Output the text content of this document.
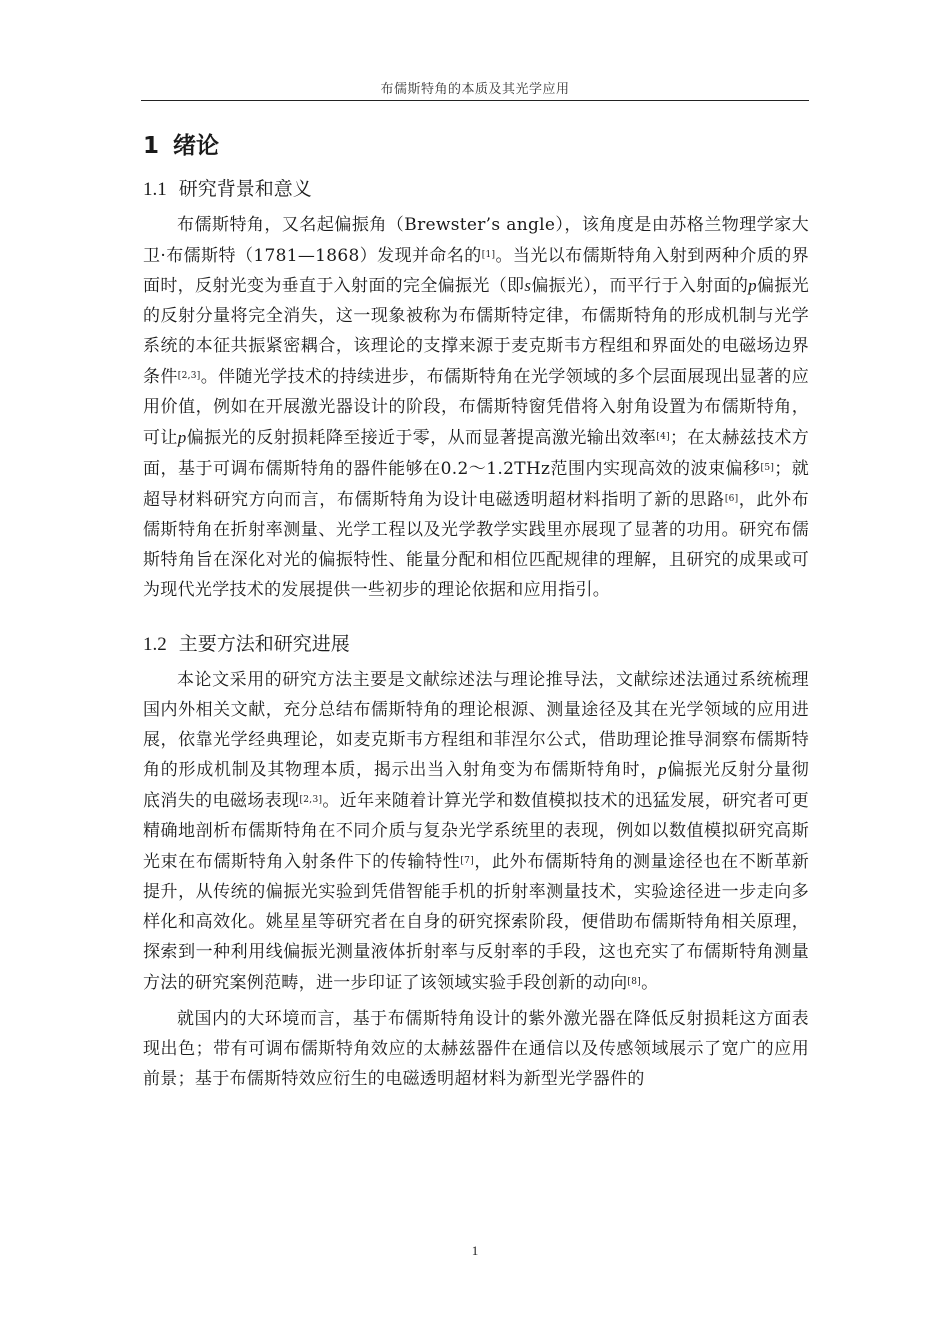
布儒斯特角的本质及其光学应用
1 绪论
1.1 研究背景和意义

布儒斯特角，又名起偏振角（Brewster’s angle），该角度是由苏格兰物理学家大卫·布儒斯特（1781—1868）发现并命名的[1]。当光以布儒斯特角入射到两种介质的界面时，反射光变为垂直于入射面的完全偏振光（即s偏振光），而平行于入射面的p偏振光的反射分量将完全消失，这一现象被称为布儒斯特定律，布儒斯特角的形成机制与光学系统的本征共振紧密耦合，该理论的支撑来源于麦克斯韦方程组和界面处的电磁场边界条件[2,3]。伴随光学技术的持续进步，布儒斯特角在光学领域的多个层面展现出显著的应用价值，例如在开展激光器设计的阶段，布儒斯特窗凭借将入射角设置为布儒斯特角，可让p偏振光的反射损耗降至接近于零，从而显著提高激光输出效率[4]；在太赫兹技术方面，基于可调布儒斯特角的器件能够在0.2～1.2THz范围内实现高效的波束偏移[5]；就超导材料研究方向而言，布儒斯特角为设计电磁透明超材料指明了新的思路[6]，此外布儒斯特角在折射率测量、光学工程以及光学教学实践里亦展现了显著的功用。研究布儒斯特角旨在深化对光的偏振特性、能量分配和相位匹配规律的理解，且研究的成果或可为现代光学技术的发展提供一些初步的理论依据和应用指引。

1.2 主要方法和研究进展

本论文采用的研究方法主要是文献综述法与理论推导法，文献综述法通过系统梳理国内外相关文献，充分总结布儒斯特角的理论根源、测量途径及其在光学领域的应用进展，依靠光学经典理论，如麦克斯韦方程组和菲涅尔公式，借助理论推导洞察布儒斯特角的形成机制及其物理本质，揭示出当入射角变为布儒斯特角时，p偏振光反射分量彻底消失的电磁场表现[2,3]。近年来随着计算光学和数值模拟技术的迅猛发展，研究者可更精确地剖析布儒斯特角在不同介质与复杂光学系统里的表现，例如以数值模拟研究高斯光束在布儒斯特角入射条件下的传输特性[7]，此外布儒斯特角的测量途径也在不断革新提升，从传统的偏振光实验到凭借智能手机的折射率测量技术，实验途径进一步走向多样化和高效化。姚星星等研究者在自身的研究探索阶段，便借助布儒斯特角相关原理，探索到一种利用线偏振光测量液体折射率与反射率的手段，这也充实了布儒斯特角测量方法的研究案例范畴，进一步印证了该领域实验手段创新的动向[8]。

就国内的大环境而言，基于布儒斯特角设计的紫外激光器在降低反射损耗这方面表现出色；带有可调布儒斯特角效应的太赫兹器件在通信以及传感领域展示了宽广的应用前景；基于布儒斯特效应衍生的电磁透明超材料为新型光学器件的

1
